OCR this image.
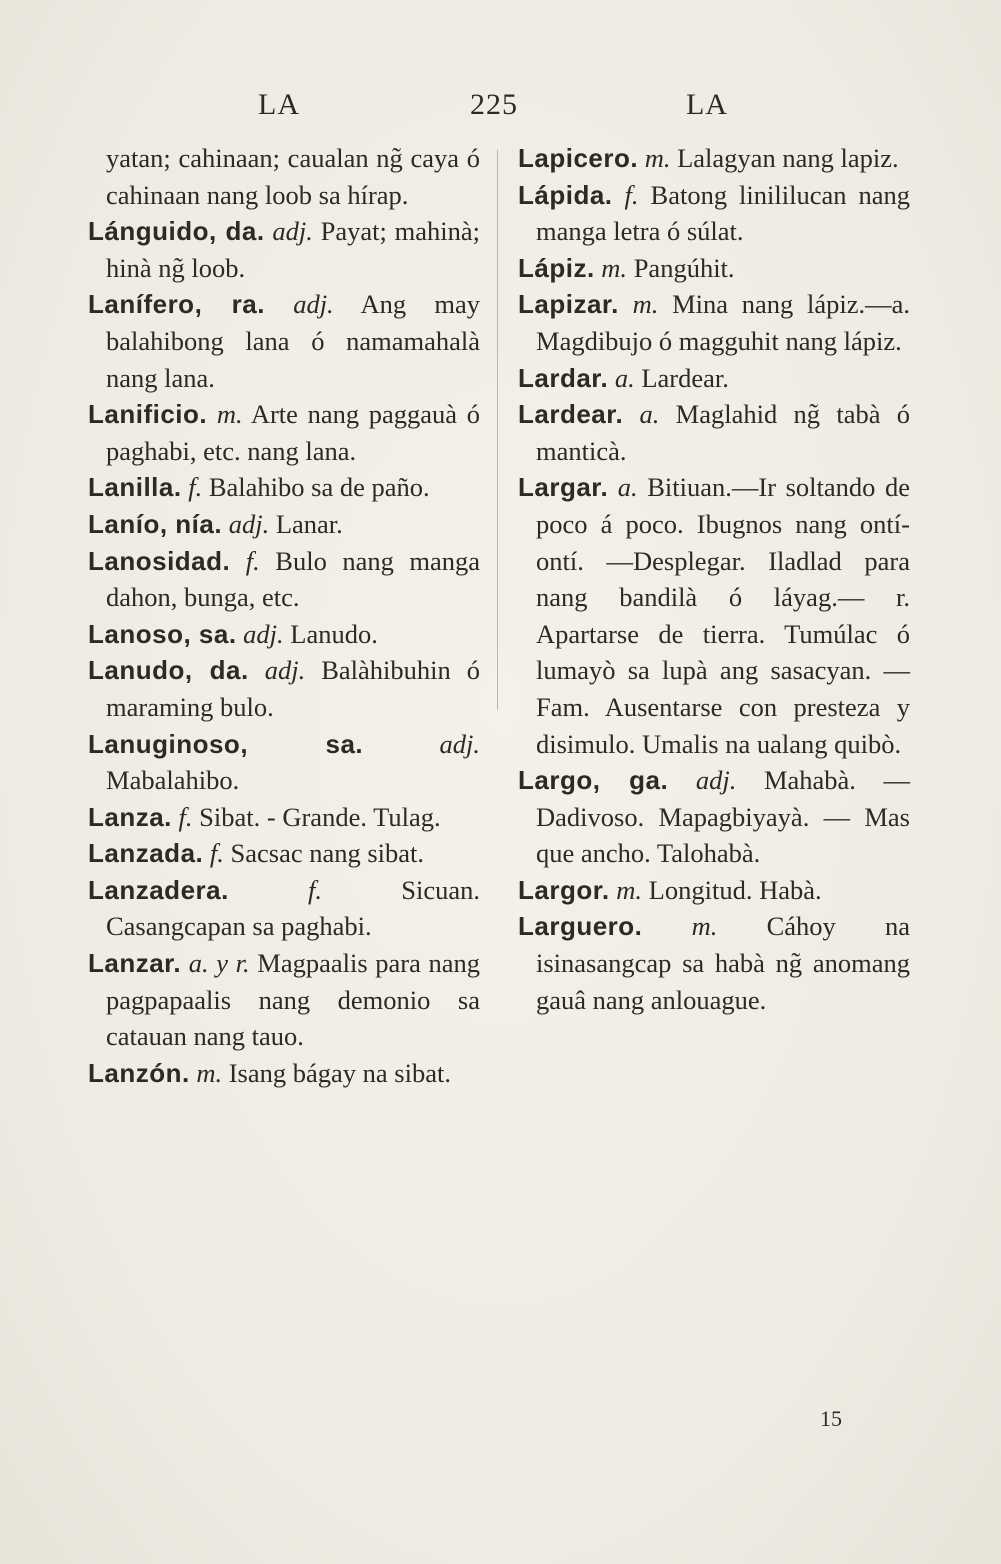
LA	225	LA

yatan; cahinaan; caualan ng̃ caya ó cahinaan nang loob sa hírap.

Lánguido, da. adj. Payat; mahinà; hinà ng̃ loob.

Lanífero, ra. adj. Ang may balahibong lana ó namamahalà nang lana.

Lanificio. m. Arte nang paggauà ó paghabi, etc. nang lana.

Lanilla. f. Balahibo sa de paño.

Lanío, nía. adj. Lanar.

Lanosidad. f. Bulo nang manga dahon, bunga, etc.

Lanoso, sa. adj. Lanudo.

Lanudo, da. adj. Balàhibuhin ó maraming bulo.

Lanuginoso, sa.	adj. Mabalahibo.

Lanza. f. Sibat. - Grande. Tulag.

Lanzada. f. Sacsac nang sibat.

Lanzadera.	f.	Sicuan. Casangcapan sa paghabi.

Lanzar. a. y r. Magpaalis para nang pagpapaalis nang demonio sa catauan nang tauo.

Lanzón. m. Isang bágay na sibat.

Lapicero. m. Lalagyan nang lapiz.

Lápida. f. Batong linililucan nang manga letra ó súlat.

Lápiz. m. Pangúhit.

Lapizar. m. Mina nang lápiz.—a. Magdibujo ó magguhit nang lápiz.

Lardar. a. Lardear.

Lardear. a. Maglahid ng̃ tabà ó manticà.

Largar. a. Bitiuan.—Ir soltando de poco á poco. Ibugnos nang ontí-ontí. —Desplegar. Iladlad para nang bandilà ó láyag.— r. Apartarse de tierra. Tumúlac ó lumayò sa lupà ang sasacyan. — Fam. Ausentarse con presteza y disimulo. Umalis na ualang quibò.

Largo, ga. adj. Mahabà. —Dadivoso. Mapagbiyayà. — Mas que ancho. Talohabà.

Largor. m. Longitud. Habà.

Larguero. m. Cáhoy na isinasangcap sa habà ng̃ anomang gauâ nang anlouague.

15
